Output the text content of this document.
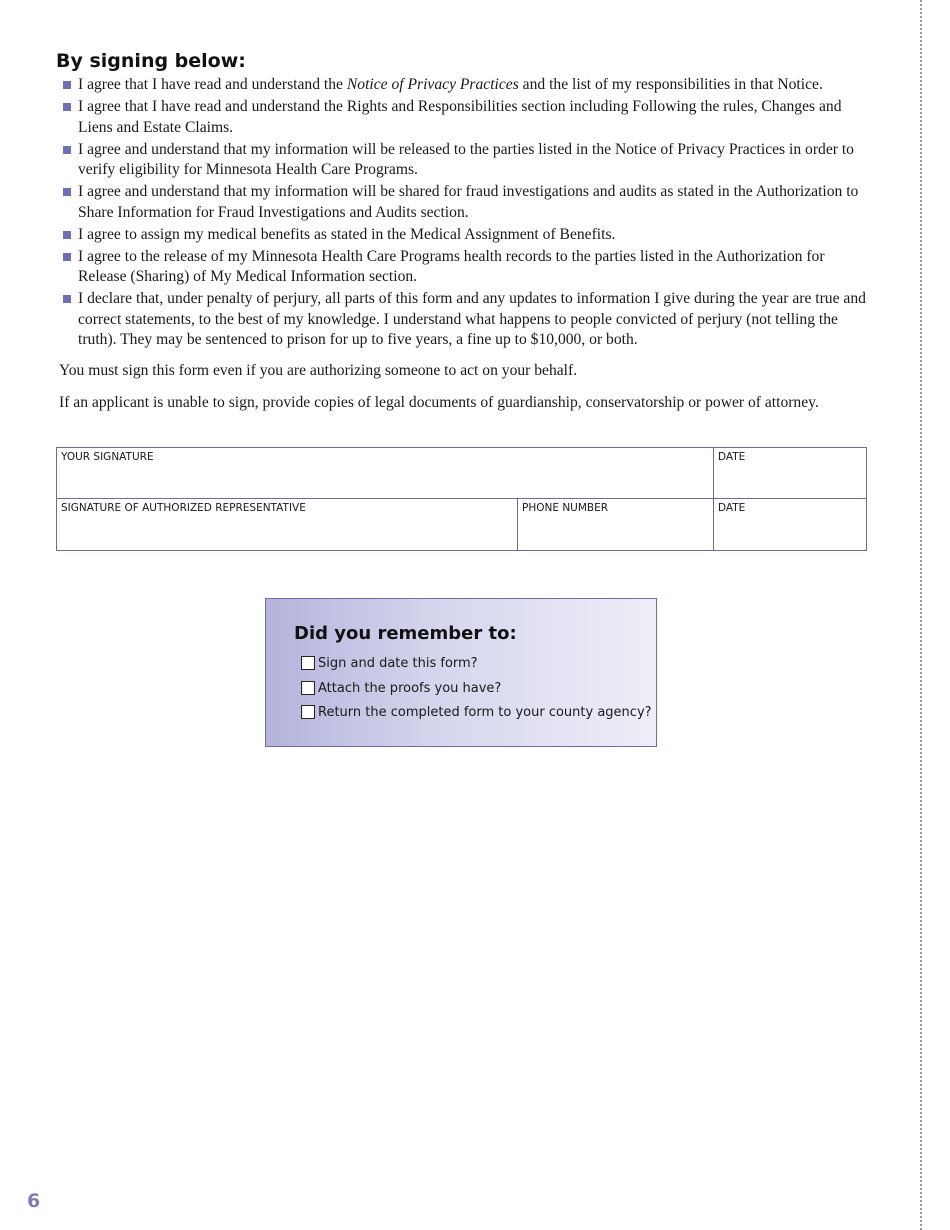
By signing below:
I agree that I have read and understand the Notice of Privacy Practices and the list of my responsibilities in that Notice.
I agree that I have read and understand the Rights and Responsibilities section including Following the rules, Changes and Liens and Estate Claims.
I agree and understand that my information will be released to the parties listed in the Notice of Privacy Practices in order to verify eligibility for Minnesota Health Care Programs.
I agree and understand that my information will be shared for fraud investigations and audits as stated in the Authorization to Share Information for Fraud Investigations and Audits section.
I agree to assign my medical benefits as stated in the Medical Assignment of Benefits.
I agree to the release of my Minnesota Health Care Programs health records to the parties listed in the Authorization for Release (Sharing) of My Medical Information section.
I declare that, under penalty of perjury, all parts of this form and any updates to information I give during the year are true and correct statements, to the best of my knowledge. I understand what happens to people convicted of perjury (not telling the truth). They may be sentenced to prison for up to five years, a fine up to $10,000, or both.

You must sign this form even if you are authorizing someone to act on your behalf.

If an applicant is unable to sign, provide copies of legal documents of guardianship, conservatorship or power of attorney.

YOUR SIGNATURE	DATE
SIGNATURE OF AUTHORIZED REPRESENTATIVE	PHONE NUMBER	DATE
Did you remember to:
Sign and date this form?
Attach the proofs you have?
Return the completed form to your county agency?
6
